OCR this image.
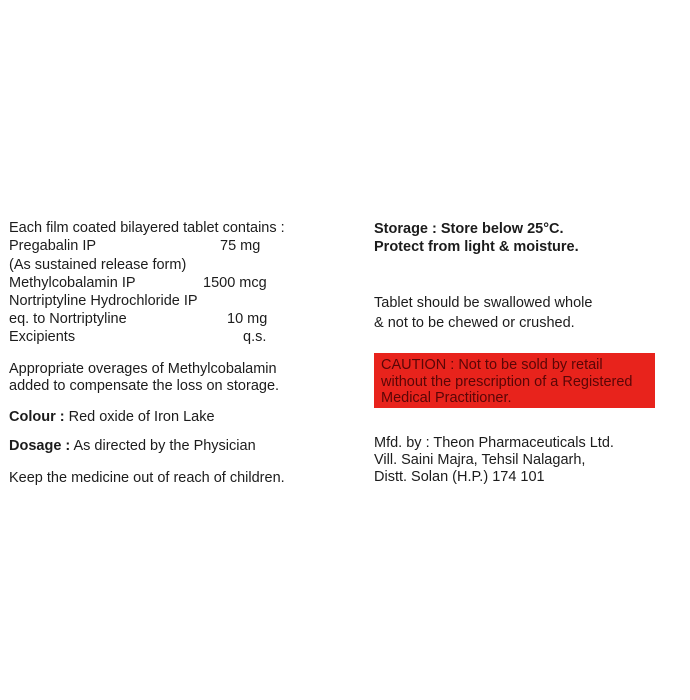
Each film coated bilayered tablet contains :
Pregabalin IP	75 mg
(As sustained release form)
Methylcobalamin IP	1500 mcg
Nortriptyline Hydrochloride IP
eq. to Nortriptyline	10 mg
Excipients	q.s.
Appropriate overages of Methylcobalamin
added to compensate the loss on storage.
Colour : Red oxide of Iron Lake
Dosage : As directed by the Physician
Keep the medicine out of reach of children.
Storage : Store below 25°C.
Protect from light & moisture.
Tablet should be swallowed whole
& not to be chewed or crushed.
CAUTION : Not to be sold by retail
without the prescription of a Registered
Medical Practitioner.
Mfd. by : Theon Pharmaceuticals Ltd.
Vill. Saini Majra, Tehsil Nalagarh,
Distt. Solan (H.P.) 174 101
